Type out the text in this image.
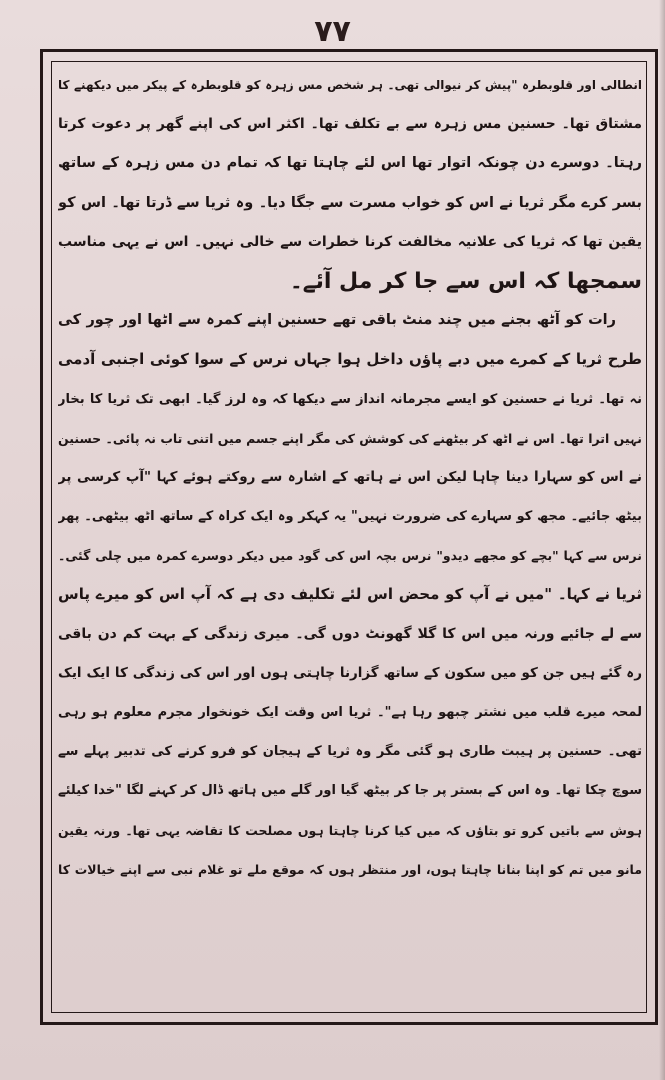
۷۷
انطالی اور قلوبطرہ "پیش کر نیوالی تھی۔ ہر شخص مس زہرہ کو قلوبطرہ کے پیکر میں دیکھنے کا
مشتاق تھا۔ حسنین مس زہرہ سے بے تکلف تھا۔ اکثر اس کی اپنے گھر پر دعوت کرتا
رہتا۔ دوسرے دن چونکہ اتوار تھا اس لئے چاہتا تھا کہ تمام دن مس زہرہ کے ساتھ
بسر کرے مگر ثریا نے اس کو خواب مسرت سے جگا دیا۔ وہ ثریا سے ڈرتا تھا۔ اس کو
یقین تھا کہ ثریا کی علانیہ مخالفت کرنا خطرات سے خالی نہیں۔ اس نے یہی مناسب
سمجھا کہ اس سے جا کر مل آئے۔
رات کو آٹھ بجنے میں چند منٹ باقی تھے حسنین اپنے کمرہ سے اٹھا اور چور کی
طرح ثریا کے کمرے میں دبے پاؤں داخل ہوا جہاں نرس کے سوا کوئی اجنبی آدمی
نہ تھا۔ ثریا نے حسنین کو ایسے مجرمانہ انداز سے دیکھا کہ وہ لرز گیا۔ ابھی تک ثریا کا بخار
نہیں اترا تھا۔ اس نے اٹھ کر بیٹھنے کی کوشش کی مگر اپنے جسم میں اتنی تاب نہ پائی۔ حسنین
نے اس کو سہارا دینا چاہا لیکن اس نے ہاتھ کے اشارہ سے روکتے ہوئے کہا "آپ کرسی پر
بیٹھ جائیے۔ مجھ کو سہارے کی ضرورت نہیں" یہ کہکر وہ ایک کراہ کے ساتھ اٹھ بیٹھی۔ پھر
نرس سے کہا "بچے کو مجھے دیدو" نرس بچہ اس کی گود میں دیکر دوسرے کمرہ میں چلی گئی۔
ثریا نے کہا۔ "میں نے آپ کو محض اس لئے تکلیف دی ہے کہ آپ اس کو میرے پاس
سے لے جائیے ورنہ میں اس کا گلا گھونٹ دوں گی۔ میری زندگی کے بہت کم دن باقی
رہ گئے ہیں جن کو میں سکون کے ساتھ گزارنا چاہتی ہوں اور اس کی زندگی کا ایک ایک
لمحہ میرے قلب میں نشتر چبھو رہا ہے"۔ ثریا اس وقت ایک خونخوار مجرم معلوم ہو رہی
تھی۔ حسنین پر ہیبت طاری ہو گئی مگر وہ ثریا کے ہیجان کو فرو کرنے کی تدبیر پہلے سے
سوچ چکا تھا۔ وہ اس کے بستر پر جا کر بیٹھ گیا اور گلے میں ہاتھ ڈال کر کہنے لگا "خدا کیلئے
ہوش سے باتیں کرو تو بتاؤں کہ میں کیا کرنا چاہتا ہوں مصلحت کا تقاضہ یہی تھا۔ ورنہ یقین
مانو میں تم کو اپنا بنانا چاہتا ہوں، اور منتظر ہوں کہ موقع ملے تو غلام نبی سے اپنے خیالات کا
